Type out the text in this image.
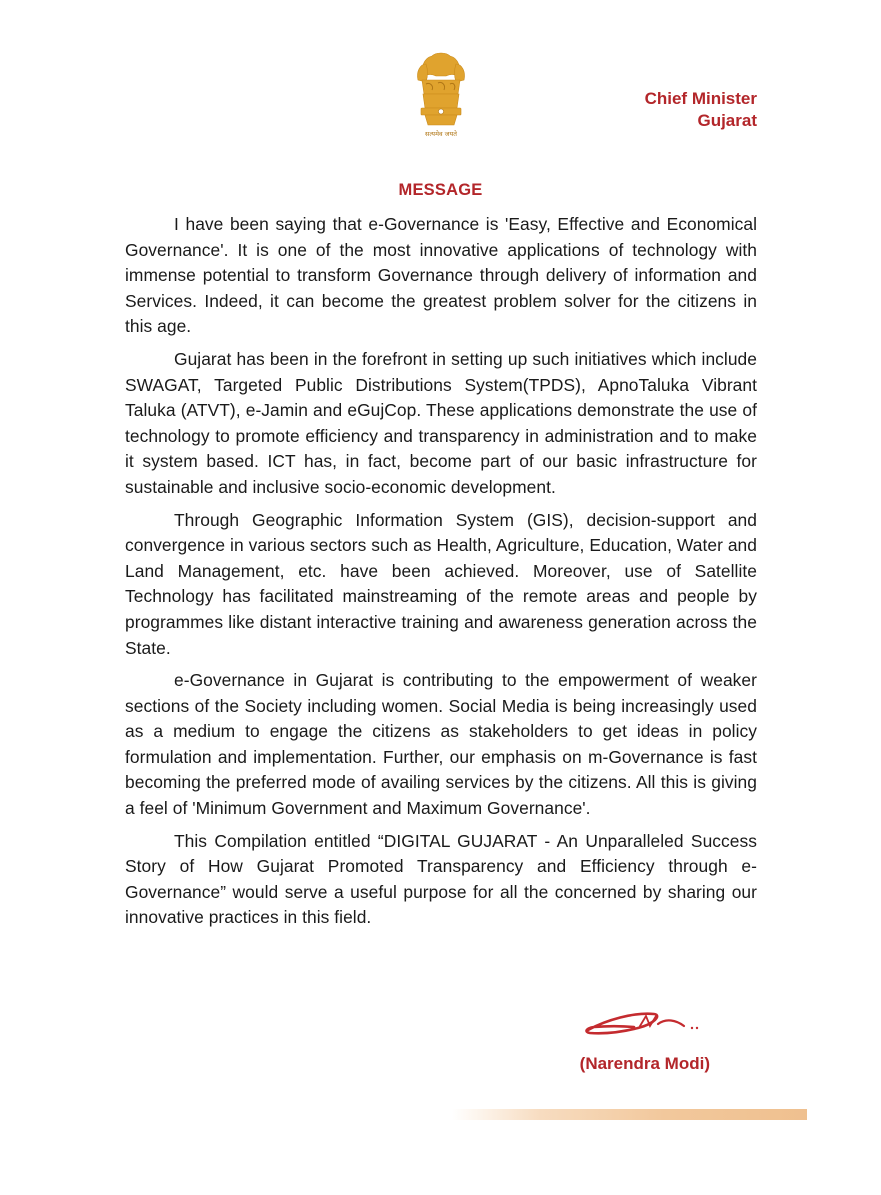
सत्यमेव जयते
Chief Minister
Gujarat
MESSAGE

I have been saying that e-Governance is 'Easy, Effective and Economical Governance'. It is one of the most innovative applications of technology with immense potential to transform Governance through delivery of information and Services. Indeed, it can become the greatest problem solver for the citizens in this age.

Gujarat has been in the forefront in setting up such initiatives which include SWAGAT, Targeted Public Distributions System(TPDS), ApnoTaluka Vibrant Taluka (ATVT), e-Jamin and eGujCop. These applications demonstrate the use of technology to promote efficiency and transparency in administration and to make it system based. ICT has, in fact, become part of our basic infrastructure for sustainable and inclusive socio-economic development.

Through Geographic Information System (GIS), decision-support and convergence in various sectors such as Health, Agriculture, Education, Water and Land Management, etc. have been achieved. Moreover, use of Satellite Technology has facilitated mainstreaming of the remote areas and people by programmes like distant interactive training and awareness generation across the State.

e-Governance in Gujarat is contributing to the empowerment of weaker sections of the Society including women. Social Media is being increasingly used as a medium to engage the citizens as stakeholders to get ideas in policy formulation and implementation. Further, our emphasis on m-Governance is fast becoming the preferred mode of availing services by the citizens. All this is giving a feel of 'Minimum Government and Maximum Governance'.

This Compilation entitled “DIGITAL GUJARAT - An Unparalleled Success Story of How Gujarat Promoted Transparency and Efficiency through e-Governance” would serve a useful purpose for all the concerned by sharing our innovative practices in this field.

(Narendra Modi)
